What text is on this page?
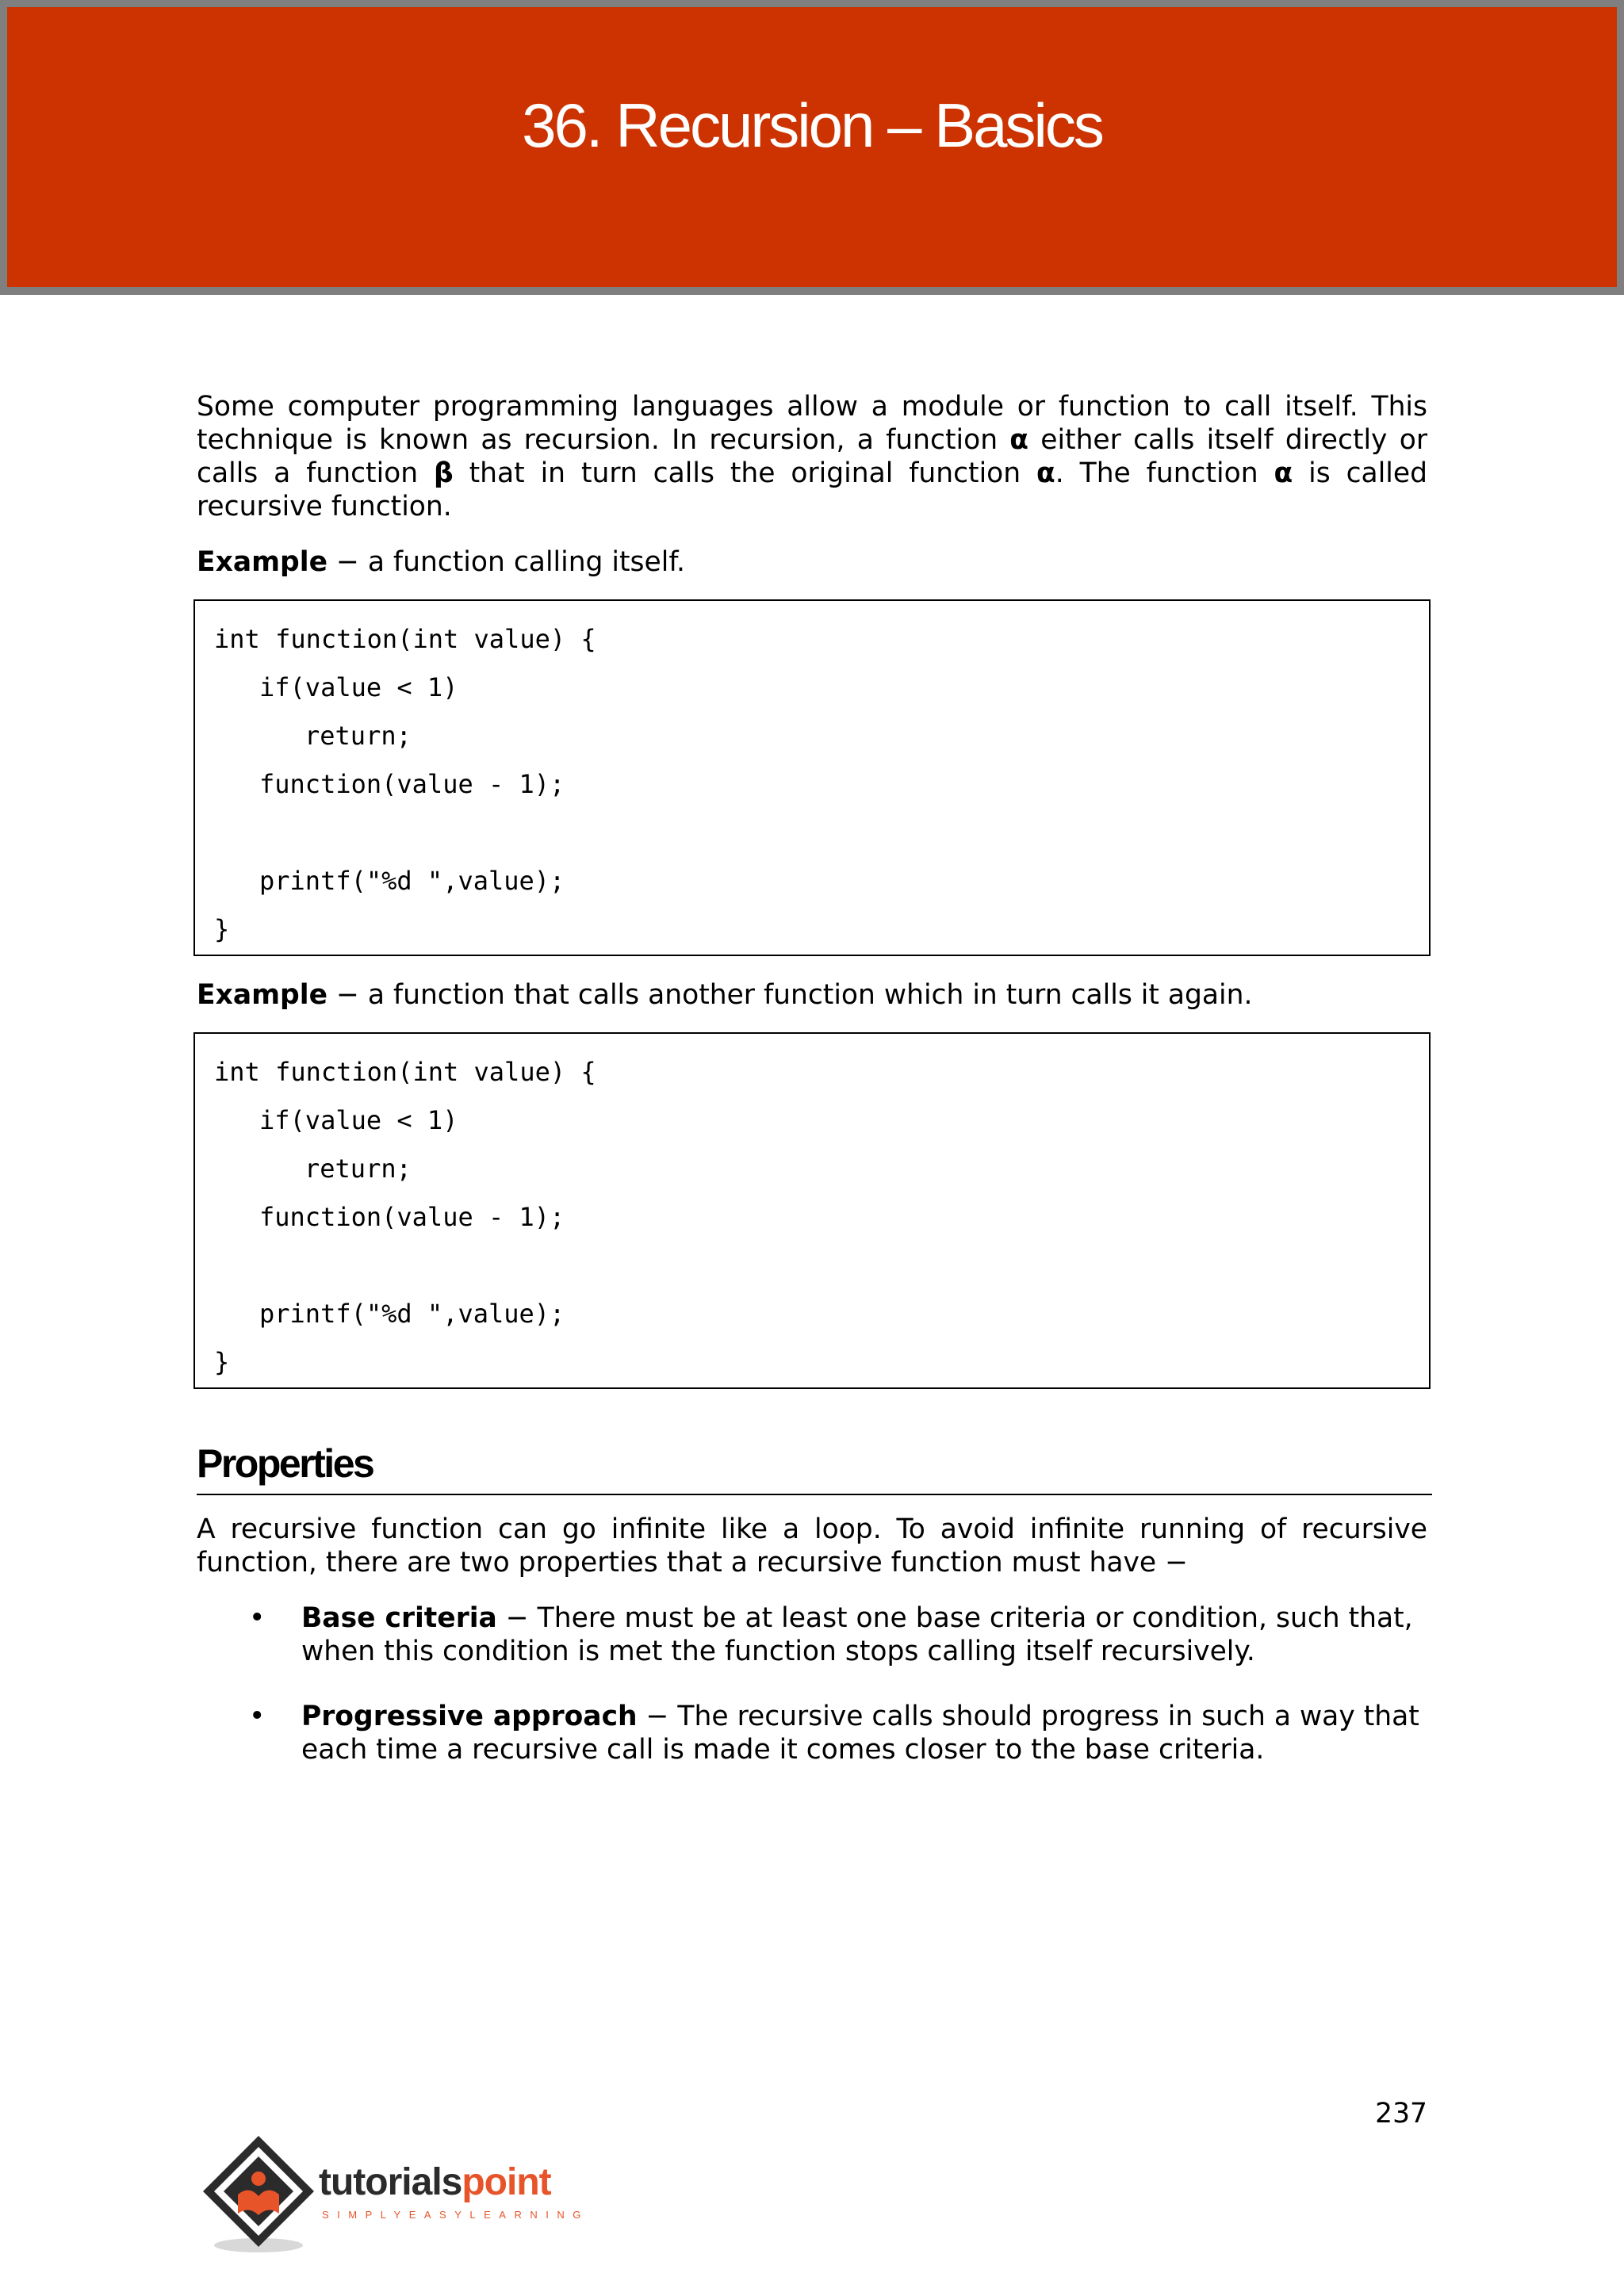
36. Recursion – Basics

Some computer programming languages allow a module or function to call itself. This technique is known as recursion. In recursion, a function α either calls itself directly or calls a function β that in turn calls the original function α. The function α is called recursive function.

Example − a function calling itself.

int function(int value) {
if(value < 1)
return;
function(value - 1);
printf("%d ",value);
}

Example − a function that calls another function which in turn calls it again.

int function(int value) {
if(value < 1)
return;
function(value - 1);
printf("%d ",value);
}
Properties

A recursive function can go infinite like a loop. To avoid infinite running of recursive function, there are two properties that a recursive function must have −

• Base criteria − There must be at least one base criteria or condition, such that, when this condition is met the function stops calling itself recursively.
• Progressive approach − The recursive calls should progress in such a way that each time a recursive call is made it comes closer to the base criteria.
237
tutorialspoint
SIMPLYEASYLEARNING
